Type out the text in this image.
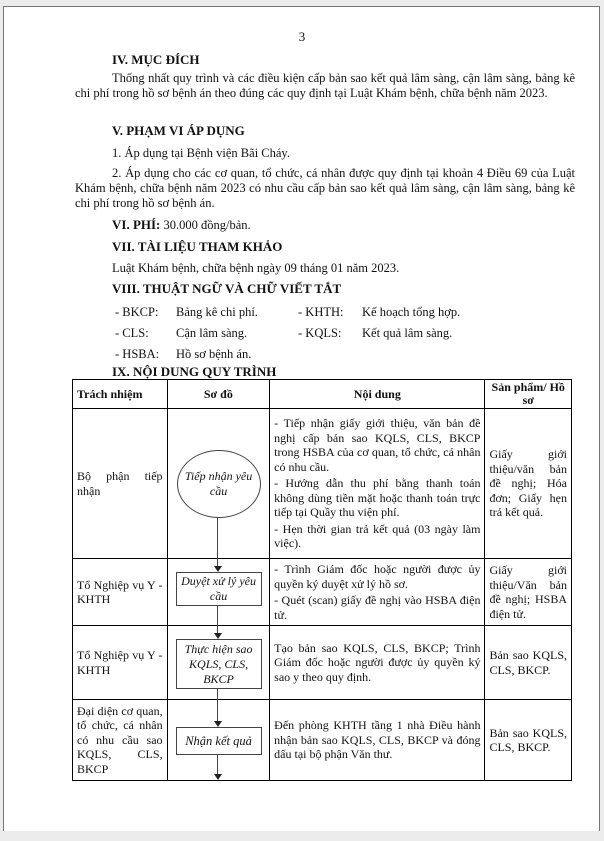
3
IV. MỤC ĐÍCH
Thống nhất quy trình và các điều kiện cấp bản sao kết quả lâm sàng, cận lâm sàng, bảng kê chi phí trong hồ sơ bệnh án theo đúng các quy định tại Luật Khám bệnh, chữa bệnh năm 2023.
V. PHẠM VI ÁP DỤNG
1. Áp dụng tại Bệnh viện Bãi Cháy.
2. Áp dụng cho các cơ quan, tổ chức, cá nhân được quy định tại khoản 4 Điều 69 của Luật Khám bệnh, chữa bệnh năm 2023 có nhu cầu cấp bản sao kết quả lâm sàng, cận lâm sàng, bảng kê chi phí trong hồ sơ bệnh án.
VI. PHÍ: 30.000 đồng/bản.
VII. TÀI LIỆU THAM KHẢO
Luật Khám bệnh, chữa bệnh ngày 09 tháng 01 năm 2023.
VIII. THUẬT NGỮ VÀ CHỮ VIẾT TẮT
- BKCP: Bảng kê chi phí.	- KHTH: Kế hoạch tổng hợp.
- CLS: Cận lâm sàng.	- KQLS: Kết quả lâm sàng.
- HSBA: Hồ sơ bệnh án.
IX. NỘI DUNG QUY TRÌNH
Trách nhiệm	Sơ đồ	Nội dung	Sản phẩm/ Hồ sơ
Bộ phận tiếp nhận	Tiếp nhận yêu cầu	- Tiếp nhận giấy giới thiệu, văn bản đề nghị cấp bản sao KQLS, CLS, BKCP trong HSBA của cơ quan, tổ chức, cá nhân có nhu cầu.
- Hướng dẫn thu phí bằng thanh toán không dùng tiền mặt hoặc thanh toán trực tiếp tại Quầy thu viện phí.
- Hẹn thời gian trả kết quả (03 ngày làm việc).	Giấy giới thiệu/văn bản đề nghị; Hóa đơn; Giấy hẹn trả kết quả.
Tổ Nghiệp vụ Y - KHTH	Duyệt xử lý yêu cầu	- Trình Giám đốc hoặc người được ủy quyền ký duyệt xử lý hồ sơ.
- Quét (scan) giấy đề nghị vào HSBA điện tử.	Giấy giới thiệu/Văn bản đề nghị; HSBA điện tử.
Tổ Nghiệp vụ Y - KHTH	Thực hiện sao KQLS, CLS, BKCP	Tạo bản sao KQLS, CLS, BKCP; Trình Giám đốc hoặc người được ủy quyền ký sao y theo quy định.	Bản sao KQLS, CLS, BKCP.
Đại diện cơ quan, tổ chức, cá nhân có nhu cầu sao KQLS, CLS, BKCP	Nhận kết quả	Đến phòng KHTH tầng 1 nhà Điều hành nhận bản sao KQLS, CLS, BKCP và đóng dấu tại bộ phận Văn thư.	Bản sao KQLS, CLS, BKCP.
